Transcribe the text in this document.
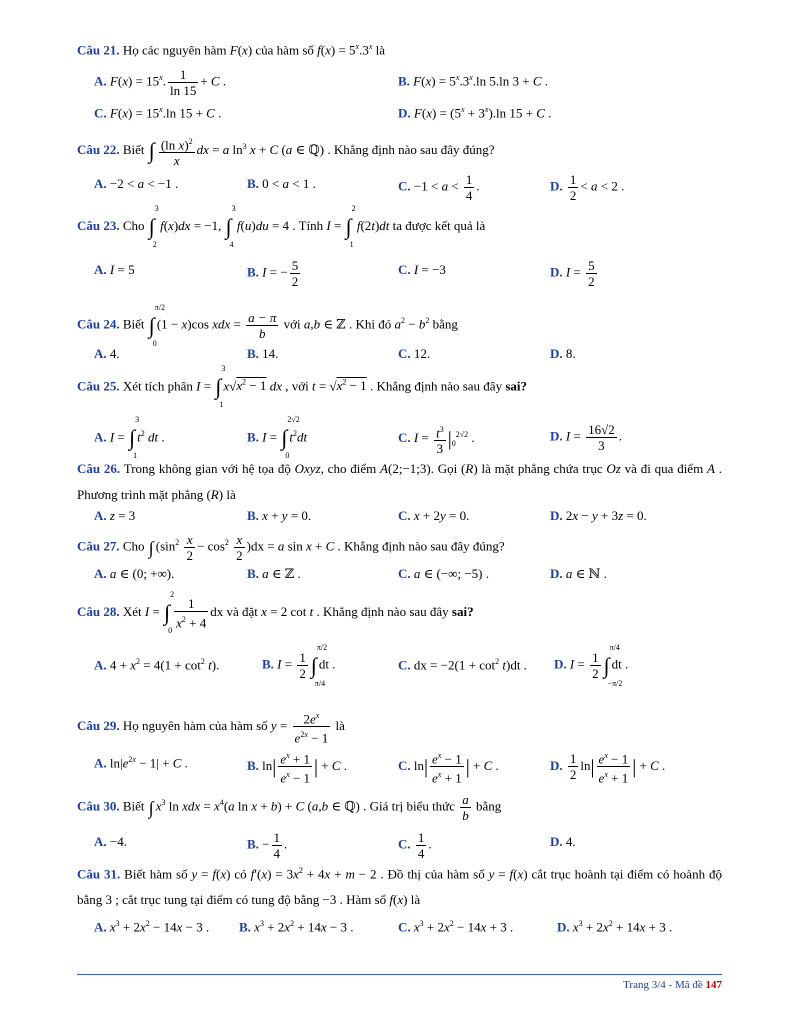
Câu 21. Họ các nguyên hàm F(x) của hàm số $f(x) = 5^x.3^x$ là
A. $F(x) = 15^x$. $\frac{1}{\ln 15} + C$ .	B. $F(x) = 5^x.3^x.\ln$ 5.ln 3 + C .
C. $F(x) = 15^x.\ln$ 15 + C .	D. $F(x) = (5^x + 3^x).\ln$ 15 + C .
Câu 22. Biết ∫ $\frac{(\ln x)^2}{x}$ dx = a $\ln^3 x + C$ (a ∈ ℚ) . Khẳng định nào sau đây đúng?
A. −2 < a < −1 .	B. 0 < a < 1 .	C. $-1 < a < \frac{1}{4}$ .	D. $\frac{1}{2} < a < 2$ .
Câu 23. Cho ∫
3
2
f(x)dx = −1, ∫
3
4
f(u)du = 4 . Tính I = ∫
2
1
f(2t)dt ta được kết quả là
A. I = 5	B. I = − $\frac{5}{2}$	C. I = −3	D. $I = \frac{5}{2}$
Câu 24. Biết ∫
π/2
0
(1 − x)cos xdx = $\frac{a - \pi}{b}$ với a,b ∈ ℤ . Khi đó $a^2 - b^2$ bằng
A. 4.	B. 14.	C. 12.	D. 8.
Câu 25. Xét tích phân I = ∫
3
1
$x√x^2 - 1$ dx , với $t = √x^2 - 1$ . Khẳng định nào sau đây sai?
A. I = ∫
3
1
$t^2$ dt .	B. I = ∫
2√2
0
$t^2dt$	C. $I = \frac{t^3}{3} |_0^{2√2}$ .	D. $I = \frac{16√2}{3}$ .
Câu 26. Trong không gian với hệ tọa độ Oxyz, cho điểm A(2;−1;3). Gọi (R) là mặt phẳng chứa trục Oz và đi qua điểm A . Phương trình mặt phẳng (R) là
A. z = 3	B. x + y = 0.	C. x + 2y = 0.	D. 2x − y + 3z = 0.
Câu 27. Cho ∫ $(\sin^2 \frac{x}{2} - \cos^2 \frac{x}{2} )dx = a$ sin x + C . Khẳng định nào sau đây đúng?
A. a ∈ (0; +∞).	B. a ∈ ℤ .	C. a ∈ (−∞; −5) .	D. a ∈ ℕ .
Câu 28. Xét I = ∫
2
0
$\frac{1}{x^2 + 4}$ dx và đặt x = 2 cot t . Khẳng định nào sau đây sai?
A. $4 + x^2 = 4(1 + \cot^2 t)$.	B. $I = \frac{1}{2}$ ∫
π/2
π/4
dt .	C. dx = $-2(1 + \cot^2 t)dt$ . D. $I = \frac{1}{2}$ ∫
π/4
−π/2
dt .
Câu 29. Họ nguyên hàm của hàm số $y = \frac{2e^x}{e^{2x} - 1}$ là
A. $\ln|e^{2x} - 1| + C$ .	B. $\ln| \frac{e^x + 1}{e^x - 1}$ | + C .	C. $\ln| \frac{e^x - 1}{e^x + 1}$ | + C .	D. $\frac{1}{2} \ln| \frac{e^x - 1}{e^x + 1}$ | + C .
Câu 30. Biết ∫ $x^3$ ln xdx = $x^4(a$ ln x + b) + C (a,b ∈ ℚ) . Giá trị biểu thức $\frac{a}{b}$ bằng
A. −4.	B. − $\frac{1}{4}$ .	C. $\frac{1}{4}$ .	D. 4.
Câu 31. Biết hàm số y = f(x) có $f'(x) = 3x^2 + 4x + m - 2$ . Đồ thị của hàm số y = f(x) cắt trục hoành tại điểm có hoành độ bằng 3 ; cắt trục tung tại điểm có tung độ bằng −3 . Hàm số f(x) là
A. $x^3 + 2x^2 - 14x - 3$ . B. $x^3 + 2x^2 + 14x - 3$ .	C. $x^3 + 2x^2 - 14x + 3$ .	D. $x^3 + 2x^2 + 14x + 3$ .
Trang 3/4 - Mã đề 147
